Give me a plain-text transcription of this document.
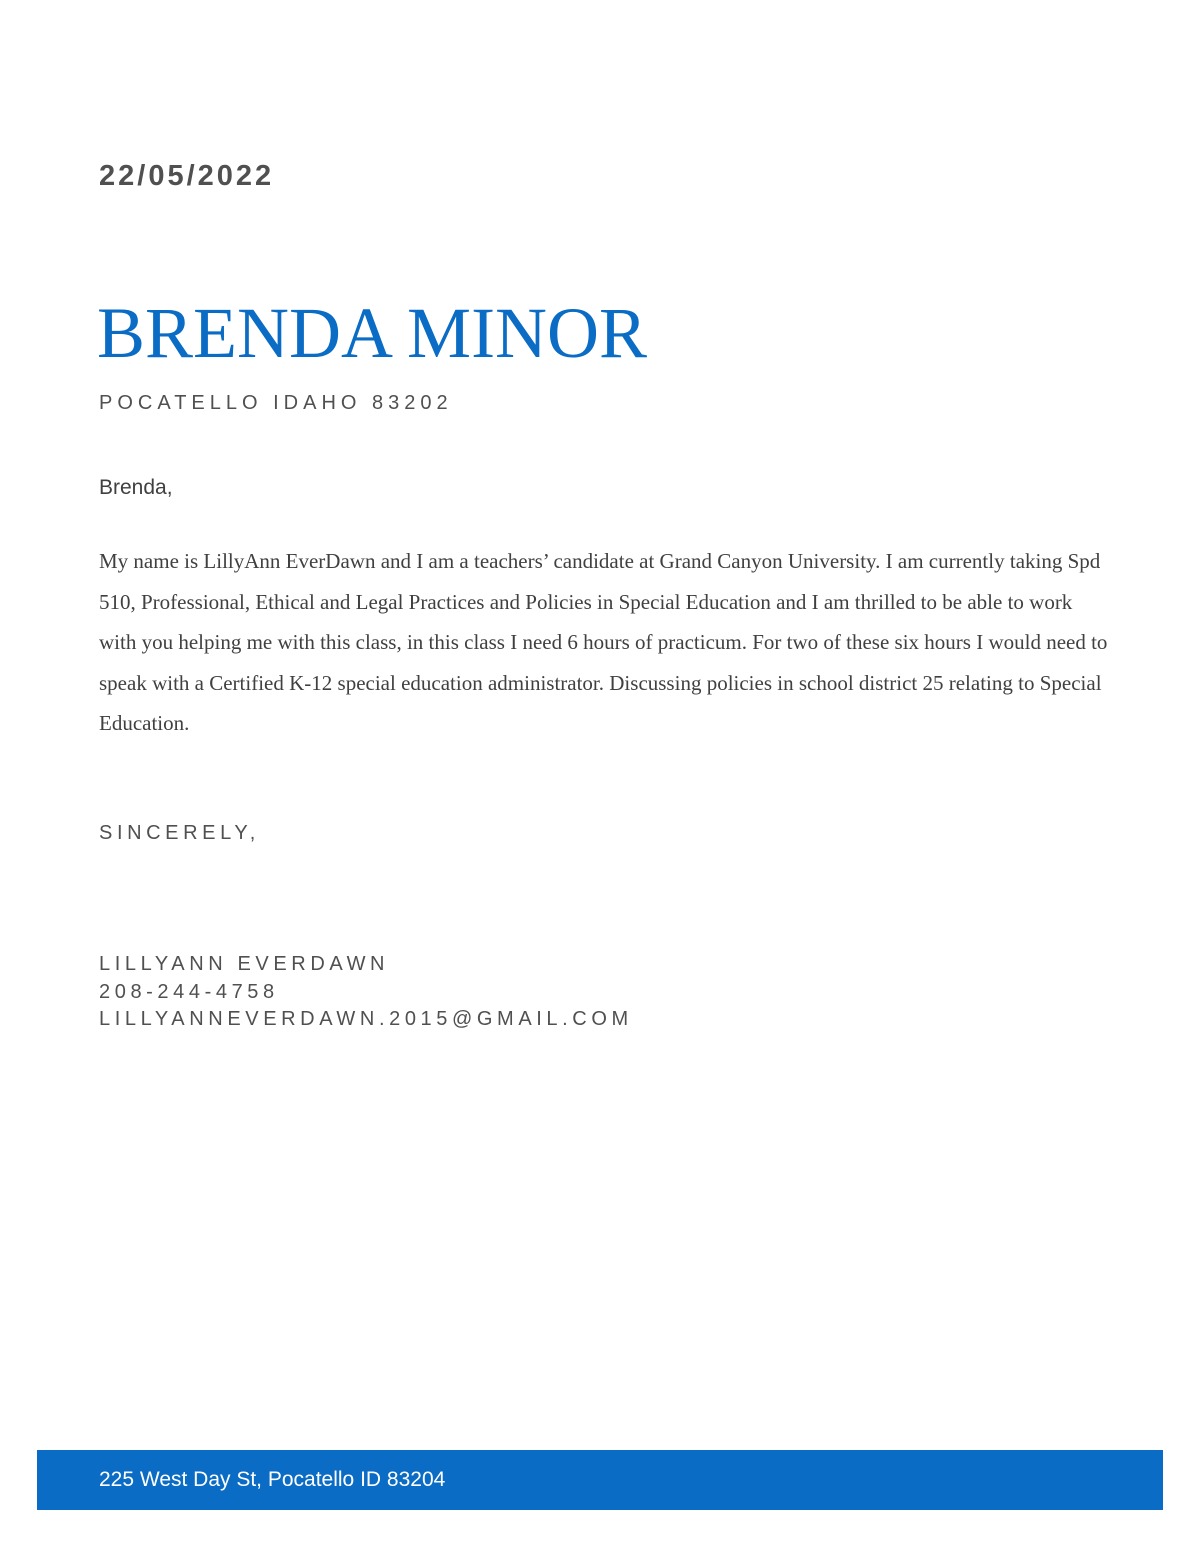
22/05/2022
BRENDA MINOR
POCATELLO IDAHO 83202
Brenda,
My name is LillyAnn EverDawn and I am a teachers’ candidate at Grand Canyon University. I am currently taking Spd 510, Professional, Ethical and Legal Practices and Policies in Special Education and I am thrilled to be able to work with you helping me with this class, in this class I need 6 hours of practicum. For two of these six hours I would need to speak with a Certified K-12 special education administrator. Discussing policies in school district 25 relating to Special Education.
SINCERELY,
LILLYANN EVERDAWN
208-244-4758
LILLYANNEVERDAWN.2015@GMAIL.COM
225 West Day St, Pocatello ID 83204
